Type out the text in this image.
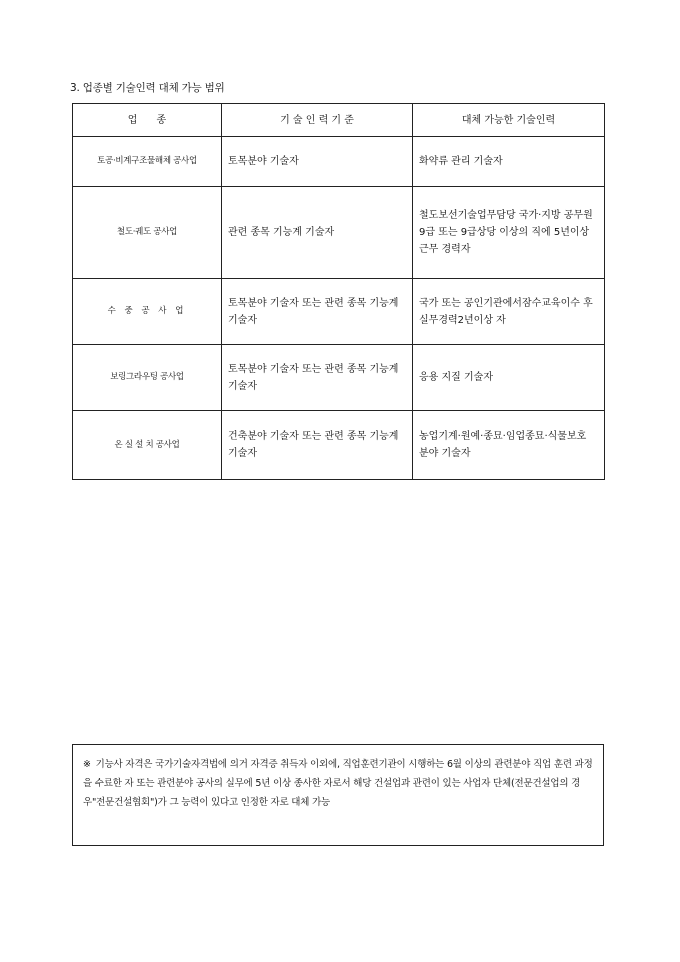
3. 업종별 기술인력 대체 가능 범위
업      종	기 술 인 력 기 준	대체 가능한 기술인력
토공·비계구조물해체 공사업	토목분야 기술자	화약류 관리 기술자
철도·궤도 공사업	관련 종목 기능계 기술자	철도보선기술업무담당 국가·지방 공무원 9급 또는 9급상당 이상의 직에 5년이상 근무 경력자
수 중 공 사 업	토목분야 기술자 또는 관련 종목 기능계 기술자	국가 또는 공인기관에서잠수교육이수 후 실무경력2년이상 자
보링그라우팅 공사업	토목분야 기술자 또는 관련 종목 기능계 기술자	응용 지질 기술자
온 실 설 치 공사업	건축분야 기술자 또는 관련 종목 기능계 기술자	농업기계·원예·종묘·임업종묘·식물보호 분야 기술자
※ 기능사 자격은 국가기술자격법에 의거 자격증 취득자 이외에, 직업훈련기관이 시행하는 6월 이상의 관련분야 직업 훈련 과정을 수료한 자 또는 관련분야 공사의 실무에 5년 이상 종사한 자로서 해당 건설업과 관련이 있는 사업자 단체(전문건설업의 경우"전문건설협회")가 그 능력이 있다고 인정한 자로 대체 가능
